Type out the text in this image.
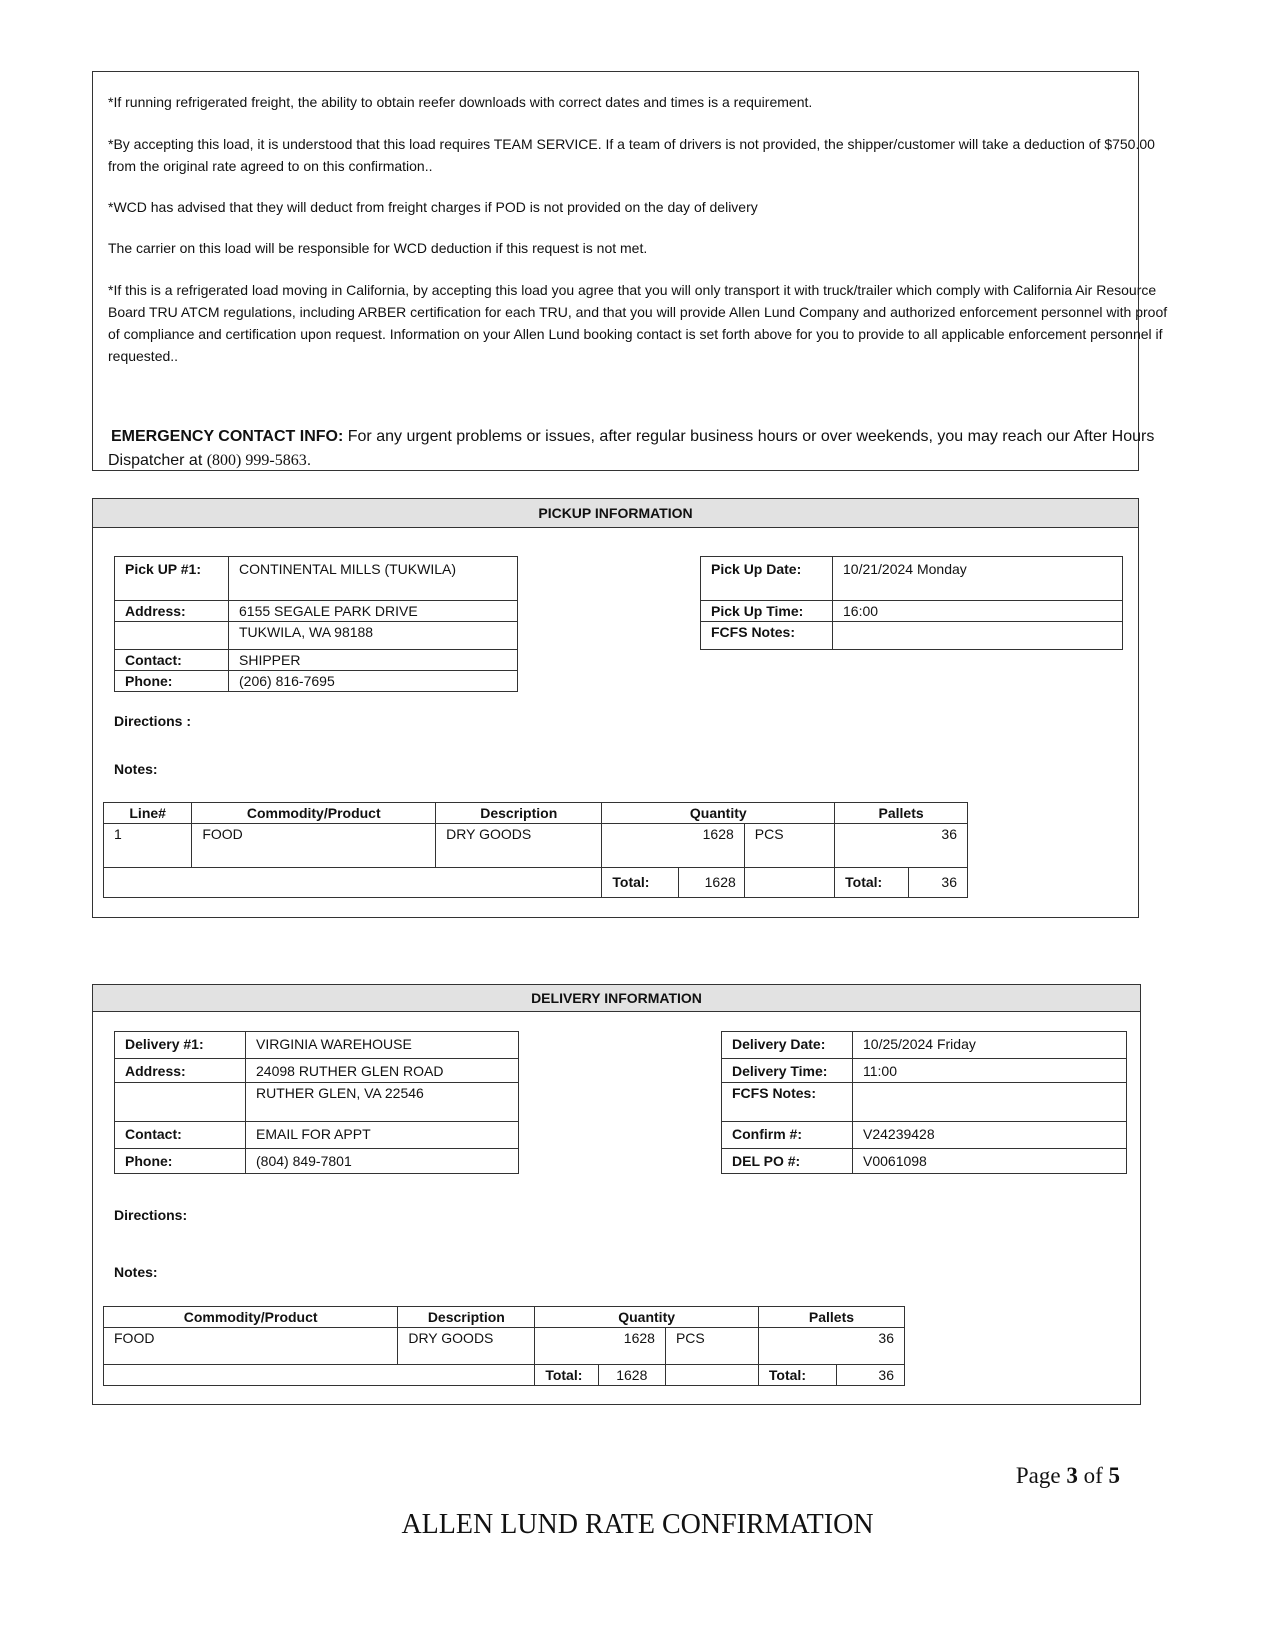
*If running refrigerated freight, the ability to obtain reefer downloads with correct dates and times is a requirement.
*By accepting this load, it is understood that this load requires TEAM SERVICE. If a team of drivers is not provided, the shipper/customer will take a deduction of $750.00 from the original rate agreed to on this confirmation..
*WCD has advised that they will deduct from freight charges if POD is not provided on the day of delivery
The carrier on this load will be responsible for WCD deduction if this request is not met.
*If this is a refrigerated load moving in California, by accepting this load you agree that you will only transport it with truck/trailer which comply with California Air Resource Board TRU ATCM regulations, including ARBER certification for each TRU, and that you will provide Allen Lund Company and authorized enforcement personnel with proof of compliance and certification upon request. Information on your Allen Lund booking contact is set forth above for you to provide to all applicable enforcement personnel if requested..
EMERGENCY CONTACT INFO: For any urgent problems or issues, after regular business hours or over weekends, you may reach our After Hours Dispatcher at (800) 999-5863.
PICKUP INFORMATION
Pick UP #1:	CONTINENTAL MILLS (TUKWILA)
Address:	6155 SEGALE PARK DRIVE
	TUKWILA, WA 98188
Contact:	SHIPPER
Phone:	(206) 816-7695
Pick Up Date:	10/21/2024 Monday
Pick Up Time:	16:00
FCFS Notes:	
Directions :
Notes:
Line#	Commodity/Product	Description	Quantity			Pallets	
1	FOOD	DRY GOODS	1628		PCS	36	
			Total:	1628		Total:	36
DELIVERY INFORMATION
Delivery #1:	VIRGINIA WAREHOUSE
Address:	24098 RUTHER GLEN ROAD
	RUTHER GLEN, VA 22546
Contact:	EMAIL FOR APPT
Phone:	(804) 849-7801
Delivery Date:	10/25/2024 Friday
Delivery Time:	11:00
FCFS Notes:	
Confirm #:	V24239428
DEL PO #:	V0061098
Directions:
Notes:
Commodity/Product	Description	Quantity			Pallets	
FOOD	DRY GOODS	1628		PCS	36	
		Total:	1628		Total:	36
Page 3 of 5
ALLEN LUND RATE CONFIRMATION
